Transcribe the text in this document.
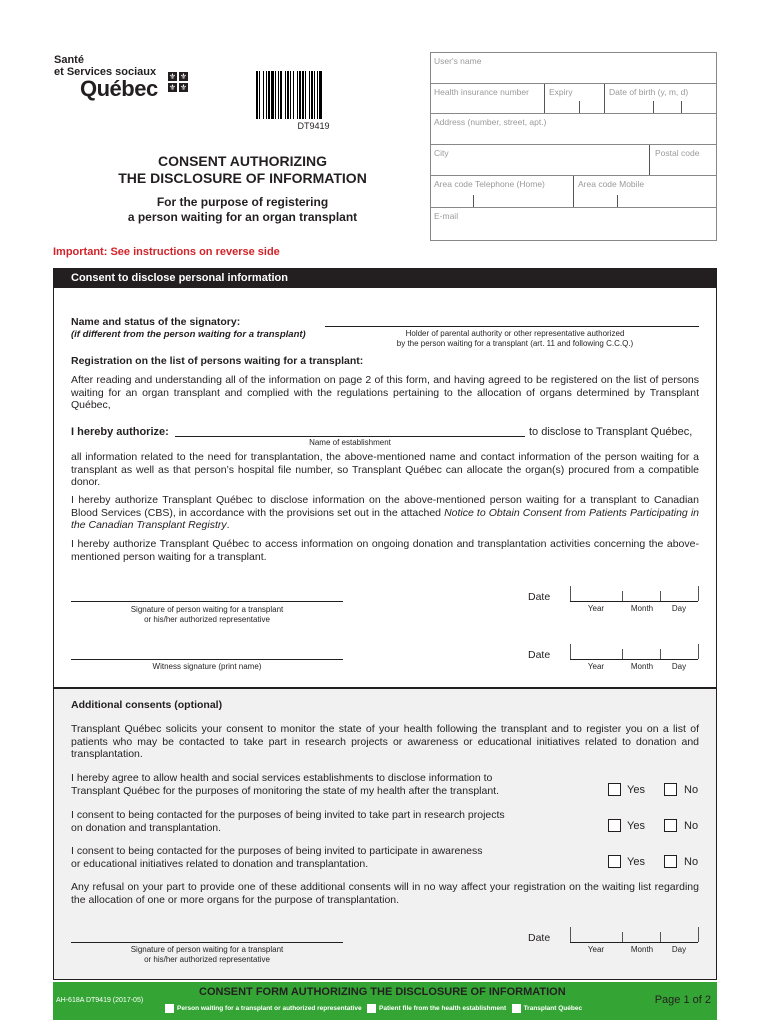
Santé
et Services sociaux
Québec ⚜ ⚜
⚜ ⚜
DT9419
User's name
Health insurance number Expiry	Date of birth (y, m, d)
Address (number, street, apt.)
City	Postal code
Area code Telephone (Home)	Area code Mobile
E-mail
CONSENT AUTHORIZING
THE DISCLOSURE OF INFORMATION
For the purpose of registering
a person waiting for an organ transplant
Important: See instructions on reverse side
Consent to disclose personal information
Name and status of the signatory:
(if different from the person waiting for a transplant)	Holder of parental authority or other representative authorized
by the person waiting for a transplant (art. 11 and following C.C.Q.)
Registration on the list of persons waiting for a transplant:
After reading and understanding all of the information on page 2 of this form, and having agreed to be registered on the list of persons waiting for an organ transplant and complied with the regulations pertaining to the allocation of organs determined by Transplant Québec,
I hereby authorize:	to disclose to Transplant Québec,
Name of establishment
all information related to the need for transplantation, the above-mentioned name and contact information of the person waiting for a transplant as well as that person’s hospital file number, so Transplant Québec can allocate the organ(s) procured from a compatible donor.
I hereby authorize Transplant Québec to disclose information on the above-mentioned person waiting for a transplant to Canadian Blood Services (CBS), in accordance with the provisions set out in the attached Notice to Obtain Consent from Patients Participating in the Canadian Transplant Registry.
I hereby authorize Transplant Québec to access information on ongoing donation and transplantation activities concerning the above-mentioned person waiting for a transplant.
Signature of person waiting for a transplant
or his/her authorized representative
Date
Year	Month	Day
Witness signature (print name)
Date
Year	Month	Day
Additional consents (optional)
Transplant Québec solicits your consent to monitor the state of your health following the transplant and to register you on a list of patients who may be contacted to take part in research projects or awareness or educational initiatives related to donation and transplantation.
I hereby agree to allow health and social services establishments to disclose information to
Transplant Québec for the purposes of monitoring the state of my health after the transplant.	Yes	No
I consent to being contacted for the purposes of being invited to take part in research projects
on donation and transplantation.	Yes	No
I consent to being contacted for the purposes of being invited to participate in awareness
or educational initiatives related to donation and transplantation.	Yes	No
Any refusal on your part to provide one of these additional consents will in no way affect your registration on the waiting list regarding the allocation of one or more organs for the purpose of transplantation.
Signature of person waiting for a transplant
or his/her authorized representative
Date
Year	Month	Day
AH-618A DT9419 (2017-05)
CONSENT FORM AUTHORIZING THE DISCLOSURE OF INFORMATION
Person waiting for a transplant or authorized representative	Patient file from the health establishment	Transplant Québec
Page 1 of 2
